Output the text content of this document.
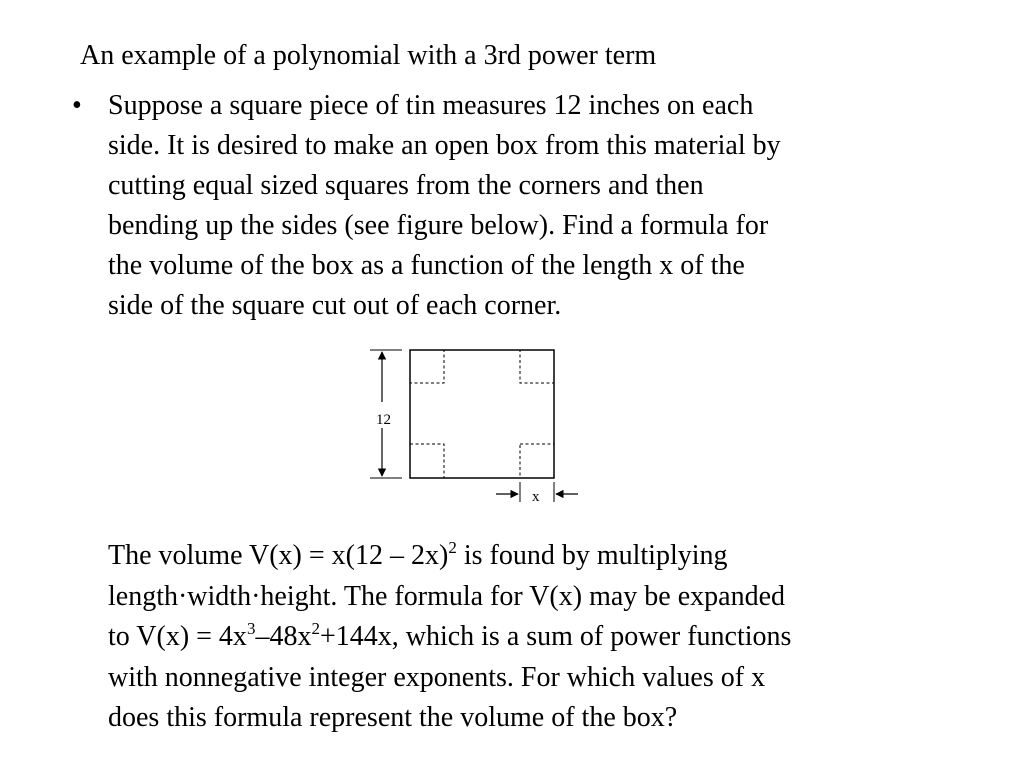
An example of a polynomial with a 3rd power term
• Suppose a square piece of tin measures 12 inches on each
side. It is desired to make an open box from this material by
cutting equal sized squares from the corners and then
bending up the sides (see figure below). Find a formula for
the volume of the box as a function of the length x of the
side of the square cut out of each corner.
12
x
The volume V(x) = x(12 – 2x)$^2$ is found by multiplying
length·width·height. The formula for V(x) may be expanded
to $V(x) = 4x^3-48x^2+144x$, which is a sum of power functions
with nonnegative integer exponents. For which values of x
does this formula represent the volume of the box?
